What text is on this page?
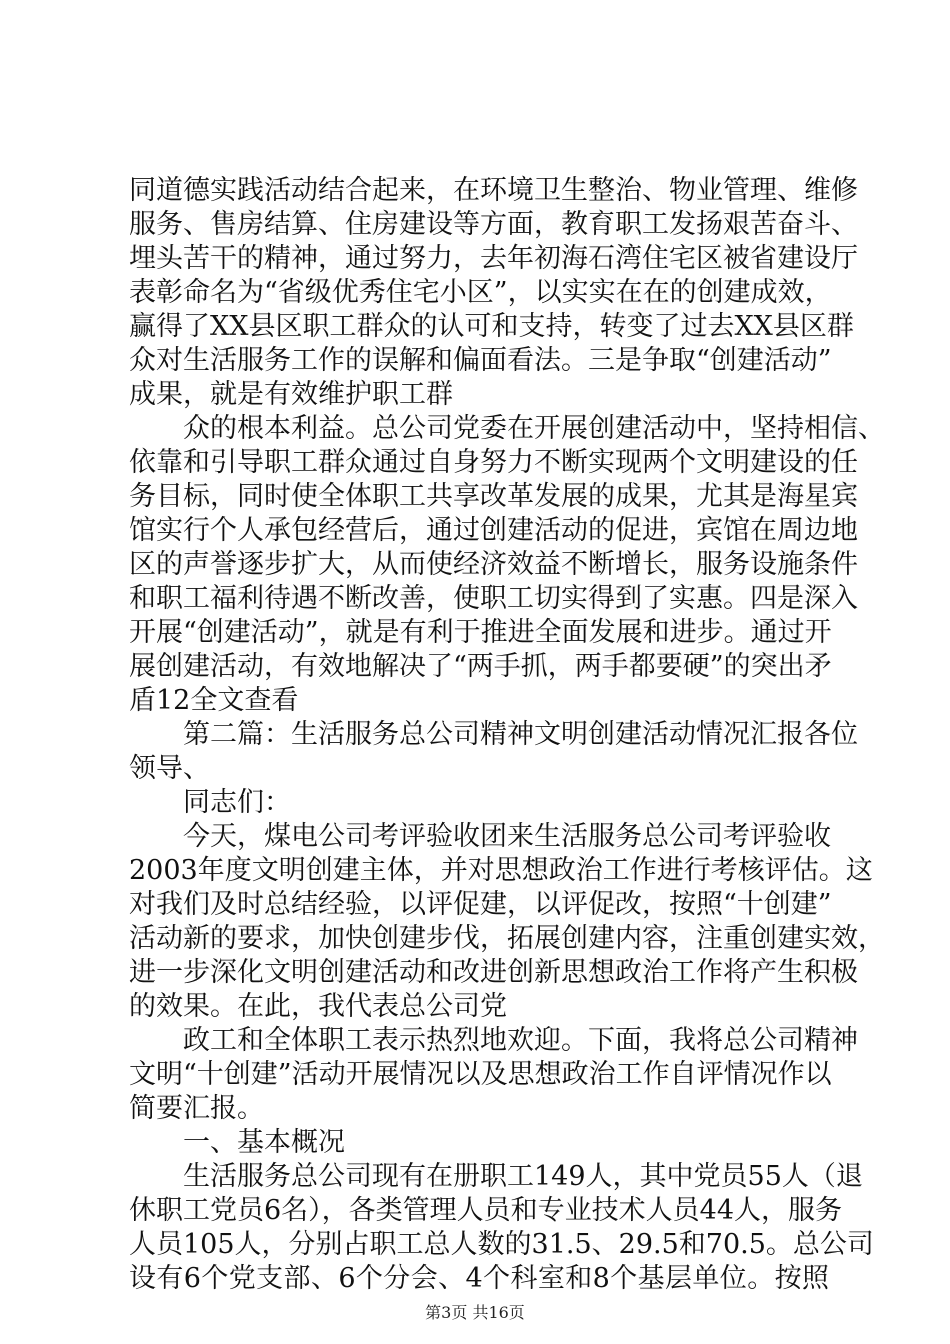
同道德实践活动结合起来，在环境卫生整治、物业管理、维修
服务、售房结算、住房建设等方面，教育职工发扬艰苦奋斗、
埋头苦干的精神，通过努力，去年初海石湾住宅区被省建设厅
表彰命名为“省级优秀住宅小区”，以实实在在的创建成效，
赢得了XX县区职工群众的认可和支持，转变了过去XX县区群
众对生活服务工作的误解和偏面看法。三是争取“创建活动”
成果，就是有效维护职工群
众的根本利益。总公司党委在开展创建活动中，坚持相信、
依靠和引导职工群众通过自身努力不断实现两个文明建设的任
务目标，同时使全体职工共享改革发展的成果，尤其是海星宾
馆实行个人承包经营后，通过创建活动的促进，宾馆在周边地
区的声誉逐步扩大，从而使经济效益不断增长，服务设施条件
和职工福利待遇不断改善，使职工切实得到了实惠。四是深入
开展“创建活动”，就是有利于推进全面发展和进步。通过开
展创建活动，有效地解决了“两手抓，两手都要硬”的突出矛
盾12全文查看
第二篇：生活服务总公司精神文明创建活动情况汇报各位
领导、
同志们：
今天，煤电公司考评验收团来生活服务总公司考评验收
2003年度文明创建主体，并对思想政治工作进行考核评估。这
对我们及时总结经验，以评促建，以评促改，按照“十创建”
活动新的要求，加快创建步伐，拓展创建内容，注重创建实效，
进一步深化文明创建活动和改进创新思想政治工作将产生积极
的效果。在此，我代表总公司党
政工和全体职工表示热烈地欢迎。下面，我将总公司精神
文明“十创建”活动开展情况以及思想政治工作自评情况作以
简要汇报。
一、基本概况
生活服务总公司现有在册职工149人，其中党员55人（退
休职工党员6名），各类管理人员和专业技术人员44人，服务
人员105人，分别占职工总人数的31.5、29.5和70.5。总公司
设有6个党支部、6个分会、4个科室和8个基层单位。按照
第3页 共16页
